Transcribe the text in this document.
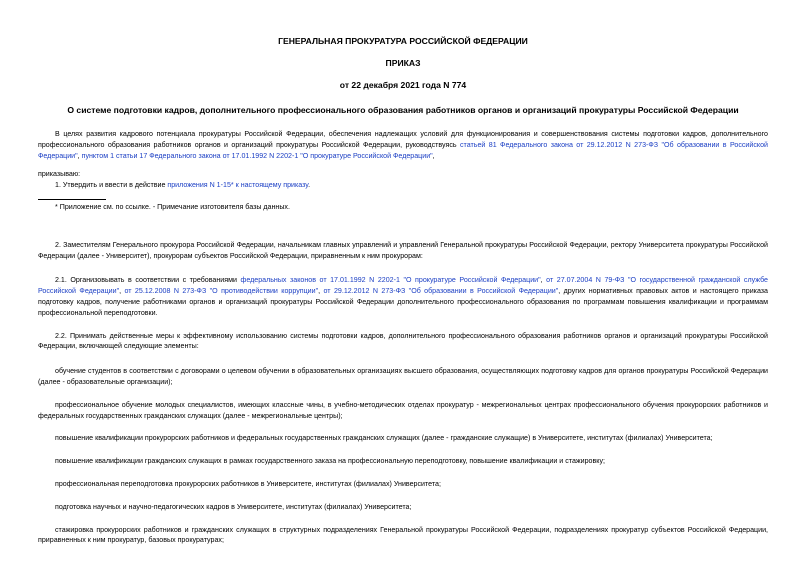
ГЕНЕРАЛЬНАЯ ПРОКУРАТУРА РОССИЙСКОЙ ФЕДЕРАЦИИ

ПРИКАЗ

от 22 декабря 2021 года N 774

О системе подготовки кадров, дополнительного профессионального образования работников органов и организаций прокуратуры Российской Федерации

В целях развития кадрового потенциала прокуратуры Российской Федерации, обеспечения надлежащих условий для функционирования и совершенствования системы подготовки кадров, дополнительного профессионального образования работников органов и организаций прокуратуры Российской Федерации, руководствуясь статьей 81 Федерального закона от 29.12.2012 N 273-ФЗ "Об образовании в Российской Федерации", пунктом 1 статьи 17 Федерального закона от 17.01.1992 N 2202-1 "О прокуратуре Российской Федерации",

приказываю:

1. Утвердить и ввести в действие приложения N 1-15* к настоящему приказу.

* Приложение см. по ссылке. - Примечание изготовителя базы данных.

2. Заместителям Генерального прокурора Российской Федерации, начальникам главных управлений и управлений Генеральной прокуратуры Российской Федерации, ректору Университета прокуратуры Российской Федерации (далее - Университет), прокурорам субъектов Российской Федерации, приравненным к ним прокурорам:

2.1. Организовывать в соответствии с требованиями федеральных законов от 17.01.1992 N 2202-1 "О прокуратуре Российской Федерации", от 27.07.2004 N 79-ФЗ "О государственной гражданской службе Российской Федерации", от 25.12.2008 N 273-ФЗ "О противодействии коррупции", от 29.12.2012 N 273-ФЗ "Об образовании в Российской Федерации", других нормативных правовых актов и настоящего приказа подготовку кадров, получение работниками органов и организаций прокуратуры Российской Федерации дополнительного профессионального образования по программам повышения квалификации и программам профессиональной переподготовки.

2.2. Принимать действенные меры к эффективному использованию системы подготовки кадров, дополнительного профессионального образования работников органов и организаций прокуратуры Российской Федерации, включающей следующие элементы:

обучение студентов в соответствии с договорами о целевом обучении в образовательных организациях высшего образования, осуществляющих подготовку кадров для органов прокуратуры Российской Федерации (далее - образовательные организации);

профессиональное обучение молодых специалистов, имеющих классные чины, в учебно-методических отделах прокуратур - межрегиональных центрах профессионального обучения прокурорских работников и федеральных государственных гражданских служащих (далее - межрегиональные центры);

повышение квалификации прокурорских работников и федеральных государственных гражданских служащих (далее - гражданские служащие) в Университете, институтах (филиалах) Университета;

повышение квалификации гражданских служащих в рамках государственного заказа на профессиональную переподготовку, повышение квалификации и стажировку;

профессиональная переподготовка прокурорских работников в Университете, институтах (филиалах) Университета;

подготовка научных и научно-педагогических кадров в Университете, институтах (филиалах) Университета;

стажировка прокурорских работников и гражданских служащих в структурных подразделениях Генеральной прокуратуры Российской Федерации, подразделениях прокуратур субъектов Российской Федерации, приравненных к ним прокуратур, базовых прокуратурах;
